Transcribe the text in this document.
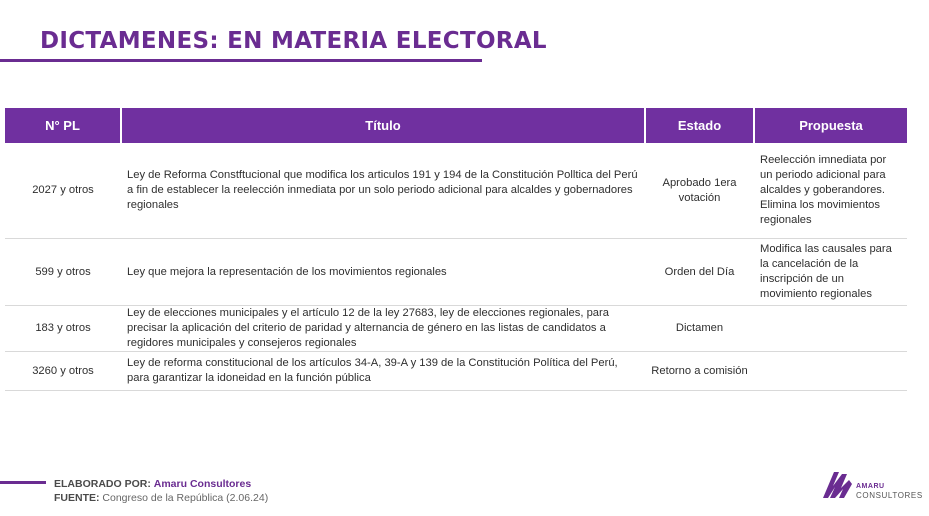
DICTAMENES: EN MATERIA ELECTORAL
N° PL	Título	Estado	Propuesta
2027 y otros	Ley de Reforma Constftucional que modifica los articulos 191 y 194 de la Constitución Polltica del Perú a fin de establecer la reelección inmediata por un solo periodo adicional para alcaldes y gobernadores regionales	Aprobado 1era votación	Reelección imnediata por un periodo adicional para alcaldes y goberandores. Elimina los movimientos regionales
599 y otros	Ley que mejora la representación de los movimientos regionales	Orden del Día	Modifica las causales para la cancelación de la inscripción de un movimiento regionales
183 y otros	Ley de elecciones municipales y el artículo 12 de la ley 27683, ley de elecciones regionales, para precisar la aplicación del criterio de paridad y alternancia de género en las listas de candidatos a regidores municipales y consejeros regionales	Dictamen	
3260 y otros	Ley de reforma constitucional de los artículos 34-A, 39-A y 139 de la Constitución Política del Perú, para garantizar la idoneidad en la función pública	Retorno a comisión	
ELABORADO POR: Amaru Consultores
FUENTE: Congreso de la República (2.06.24)
AMARU
CONSULTORES
